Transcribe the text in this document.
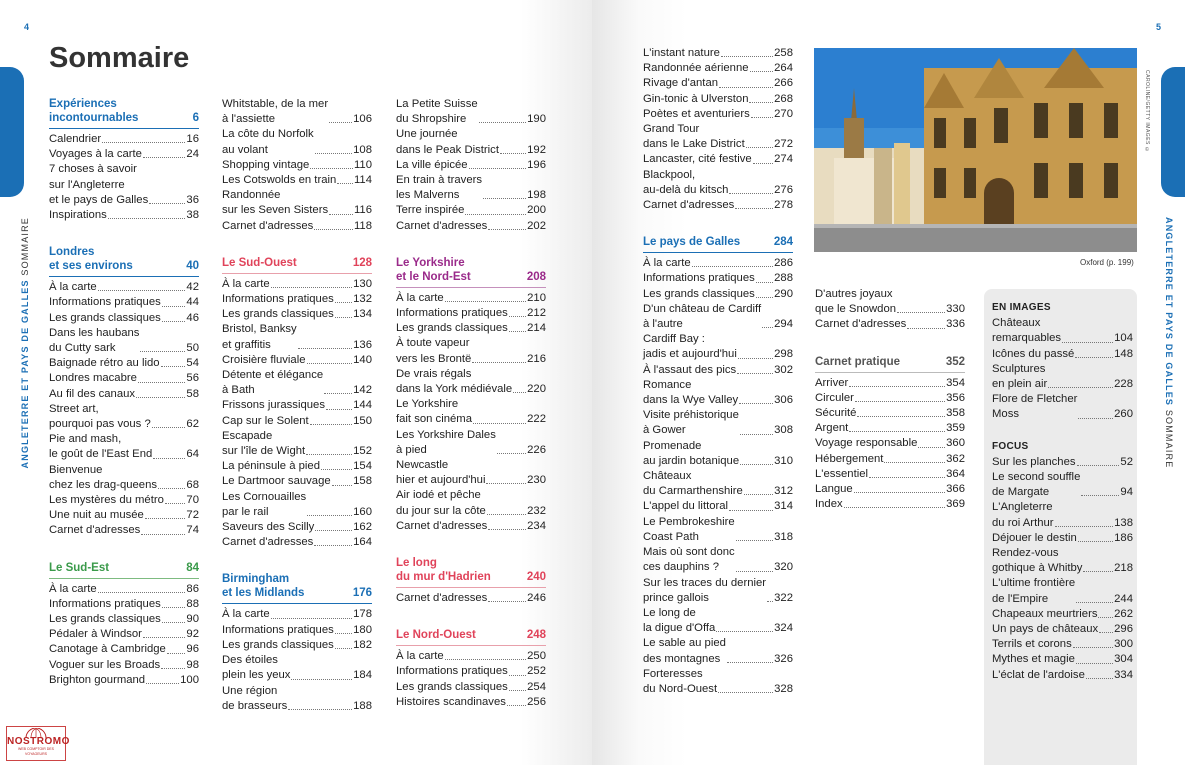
4
ANGLETERRE ET PAYS DE GALLES SOMMAIRE
Sommaire
Expériences
incontournables	6
Calendrier	16
Voyages à la carte	24
7 choses à savoir
sur l'Angleterre
et le pays de Galles	36
Inspirations	38
Londres
et ses environs	40
À la carte	42
Informations pratiques 44
Les grands classiques 46
Dans les haubans
du Cutty sark	50
Baignade rétro au lido 54
Londres macabre	56
Au fil des canaux	58
Street art,
pourquoi pas vous ?	62
Pie and mash,
le goût de l'East End	64
Bienvenue
chez les drag-queens	68
Les mystères du métro 70
Une nuit au musée	72
Carnet d'adresses	74
Le Sud-Est	84
À la carte	86
Informations pratiques 88
Les grands classiques 90
Pédaler à Windsor	92
Canotage à Cambridge 96
Voguer sur les Broads 98
Brighton gourmand	100
Whitstable, de la mer
à l'assiette	106
La côte du Norfolk
au volant	108
Shopping vintage	110
Les Cotswolds en train 114
Randonnée
sur les Seven Sisters 116
Carnet d'adresses	118
Le Sud-Ouest	128
À la carte	130
Informations pratiques 132
Les grands classiques 134
Bristol, Banksy
et graffitis	136
Croisière fluviale	140
Détente et élégance
à Bath	142
Frissons jurassiques 144
Cap sur le Solent	150
Escapade
sur l'île de Wight	152
La péninsule à pied	154
Le Dartmoor sauvage 158
Les Cornouailles
par le rail	160
Saveurs des Scilly	162
Carnet d'adresses	164
Birmingham
et les Midlands	176
À la carte	178
Informations pratiques 180
Les grands classiques 182
Des étoiles
plein les yeux	184
Une région
de brasseurs	188
La Petite Suisse
du Shropshire	190
Une journée
dans le Peak District 192
La ville épicée	196
En train à travers
les Malverns	198
Terre inspirée	200
Carnet d'adresses	202
Le Yorkshire
et le Nord-Est	208
À la carte	210
Informations pratiques 212
Les grands classiques 214
À toute vapeur
vers les Brontë	216
De vrais régals
dans la York médiévale 220
Le Yorkshire
fait son cinéma	222
Les Yorkshire Dales
à pied	226
Newcastle
hier et aujourd'hui	230
Air iodé et pêche
du jour sur la côte	232
Carnet d'adresses	234
Le long
du mur d'Hadrien	240
Carnet d'adresses	246
Le Nord-Ouest	248
À la carte	250
Informations pratiques 252
Les grands classiques 254
Histoires scandinaves 256
NOSTROMO
WEB COMPTOIR DES VOYAGEURS
5
ANGLETERRE ET PAYS DE GALLES SOMMAIRE
L'instant nature	258
Randonnée aérienne 264
Rivage d'antan	266
Gin-tonic à Ulverston 268
Poètes et aventuriers 270
Grand Tour
dans le Lake District	272
Lancaster, cité festive 274
Blackpool,
au-delà du kitsch	276
Carnet d'adresses	278
Le pays de Galles	284
À la carte	286
Informations pratiques 288
Les grands classiques 290
D'un château de Cardiff
à l'autre	294
Cardiff Bay :
jadis et aujourd'hui	298
À l'assaut des pics	302
Romance
dans la Wye Valley	306
Visite préhistorique
à Gower	308
Promenade
au jardin botanique	310
Châteaux
du Carmarthenshire	312
L'appel du littoral	314
Le Pembrokeshire
Coast Path	318
Mais où sont donc
ces dauphins ?	320
Sur les traces du dernier
prince gallois	322
Le long de
la digue d'Offa	324
Le sable au pied
des montagnes	326
Forteresses
du Nord-Ouest	328
D'autres joyaux
que le Snowdon	330
Carnet d'adresses	336
Carnet pratique	352
Arriver	354
Circuler	356
Sécurité	358
Argent	359
Voyage responsable	360
Hébergement	362
L'essentiel	364
Langue	366
Index	369
CAROLINE/GETTY IMAGES ©
Oxford (p. 199)
EN IMAGES
Châteaux
remarquables	104
Icônes du passé	148
Sculptures
en plein air	228
Flore de Fletcher
Moss	260
FOCUS
Sur les planches	52
Le second souffle
de Margate	94
L'Angleterre
du roi Arthur	138
Déjouer le destin	186
Rendez-vous
gothique à Whitby	218
L'ultime frontière
de l'Empire	244
Chapeaux meurtriers 262
Un pays de châteaux 296
Terrils et corons	300
Mythes et magie	304
L'éclat de l'ardoise	334
